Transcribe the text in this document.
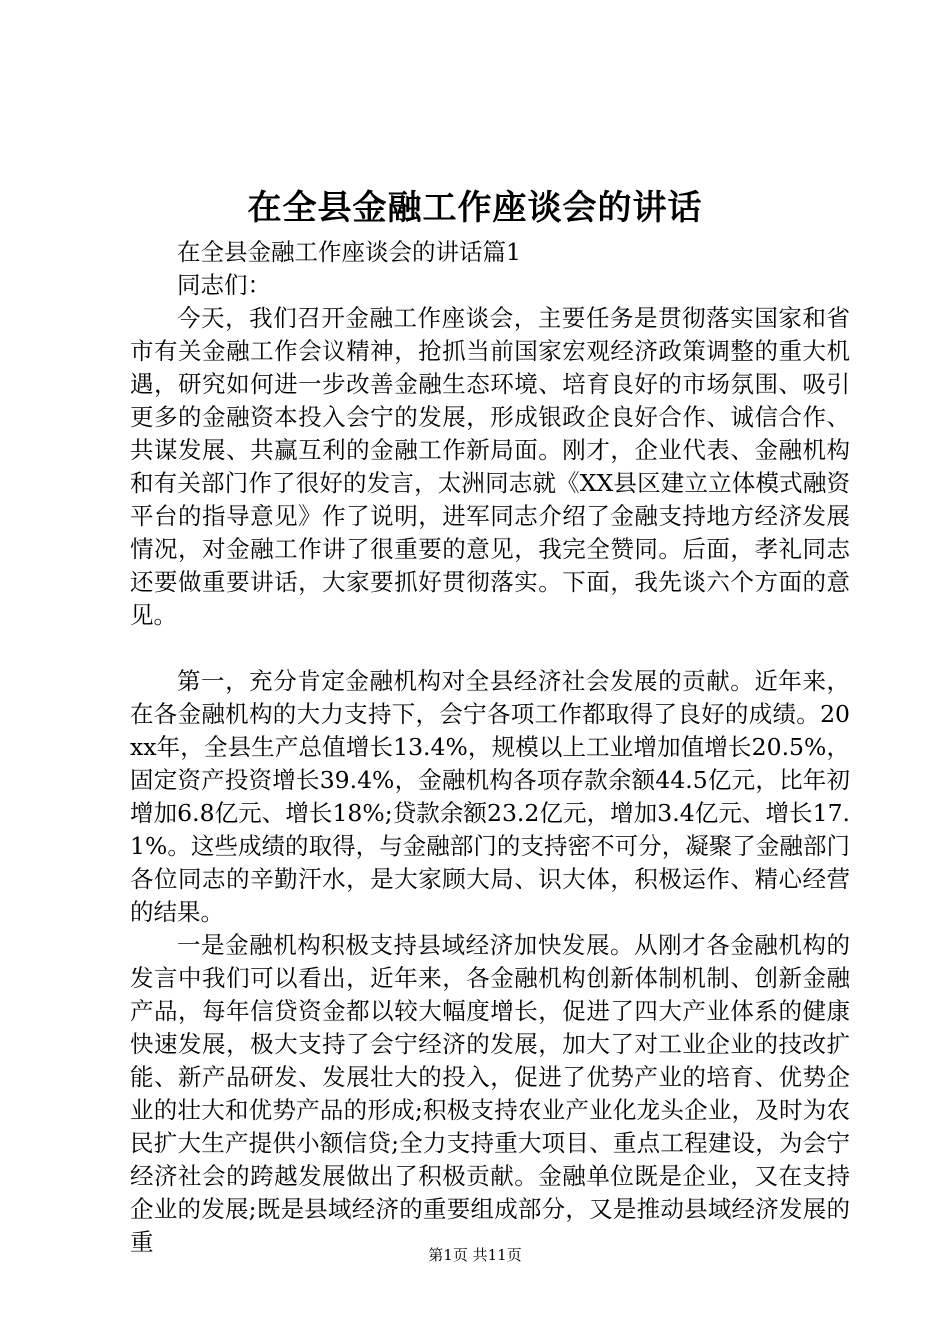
在全县金融工作座谈会的讲话

在全县金融工作座谈会的讲话篇1

同志们：

今天，我们召开金融工作座谈会，主要任务是贯彻落实国家和省市有关金融工作会议精神，抢抓当前国家宏观经济政策调整的重大机遇，研究如何进一步改善金融生态环境、培育良好的市场氛围、吸引更多的金融资本投入会宁的发展，形成银政企良好合作、诚信合作、共谋发展、共赢互利的金融工作新局面。刚才，企业代表、金融机构和有关部门作了很好的发言，太洲同志就《XX县区建立立体模式融资平台的指导意见》作了说明，进军同志介绍了金融支持地方经济发展情况，对金融工作讲了很重要的意见，我完全赞同。后面，孝礼同志还要做重要讲话，大家要抓好贯彻落实。下面，我先谈六个方面的意见。

第一，充分肯定金融机构对全县经济社会发展的贡献。近年来，在各金融机构的大力支持下，会宁各项工作都取得了良好的成绩。20xx年，全县生产总值增长13.4%，规模以上工业增加值增长20.5%，固定资产投资增长39.4%，金融机构各项存款余额44.5亿元，比年初增加6.8亿元、增长18%;贷款余额23.2亿元，增加3.4亿元、增长17.1%。这些成绩的取得，与金融部门的支持密不可分，凝聚了金融部门各位同志的辛勤汗水，是大家顾大局、识大体，积极运作、精心经营的结果。

一是金融机构积极支持县域经济加快发展。从刚才各金融机构的发言中我们可以看出，近年来，各金融机构创新体制机制、创新金融产品，每年信贷资金都以较大幅度增长，促进了四大产业体系的健康快速发展，极大支持了会宁经济的发展，加大了对工业企业的技改扩能、新产品研发、发展壮大的投入，促进了优势产业的培育、优势企业的壮大和优势产品的形成;积极支持农业产业化龙头企业，及时为农民扩大生产提供小额信贷;全力支持重大项目、重点工程建设，为会宁经济社会的跨越发展做出了积极贡献。金融单位既是企业，又在支持企业的发展;既是县域经济的重要组成部分，又是推动县域经济发展的重	第1页 共11页
